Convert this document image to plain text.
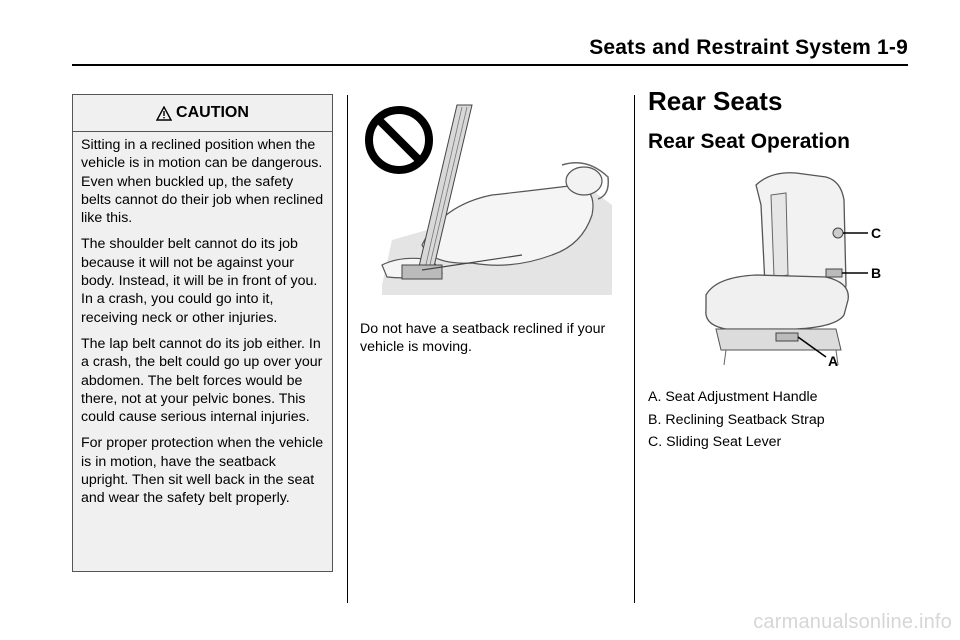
Seats and Restraint System 1-9
CAUTION

Sitting in a reclined position when the vehicle is in motion can be dangerous. Even when buckled up, the safety belts cannot do their job when reclined like this.

The shoulder belt cannot do its job because it will not be against your body. Instead, it will be in front of you. In a crash, you could go into it, receiving neck or other injuries.

The lap belt cannot do its job either. In a crash, the belt could go up over your abdomen. The belt forces would be there, not at your pelvic bones. This could cause serious internal injuries.

For proper protection when the vehicle is in motion, have the seatback upright. Then sit well back in the seat and wear the safety belt properly.

Do not have a seatback reclined if your vehicle is moving.

Rear Seats
Rear Seat Operation
A
B
C
A. Seat Adjustment Handle
B. Reclining Seatback Strap
C. Sliding Seat Lever
carmanualsonline.info
